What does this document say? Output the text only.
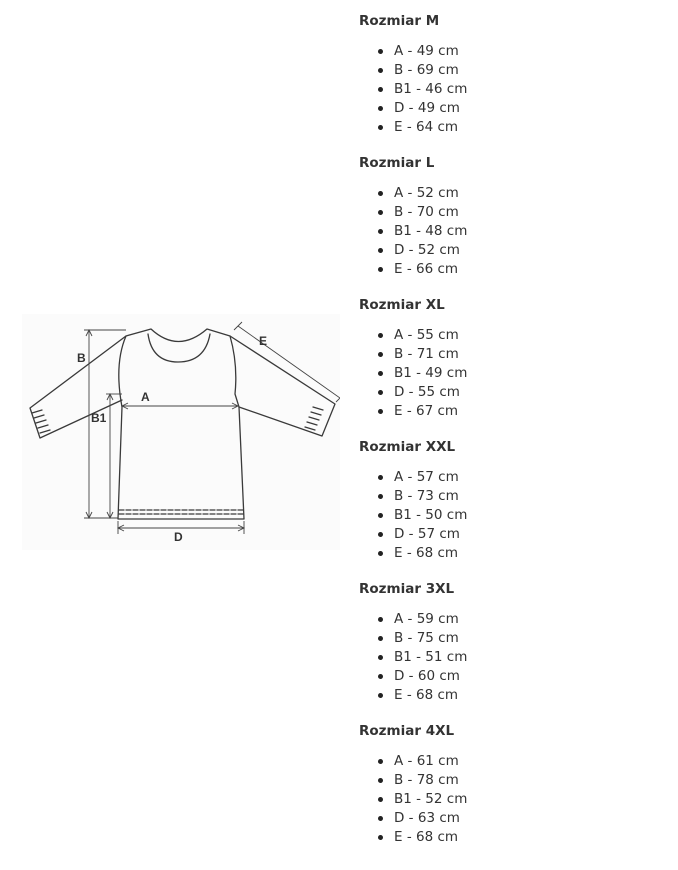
B
B1
A
D
E

Rozmiar M

A - 49 cm
B - 69 cm
B1 - 46 cm
D - 49 cm
E - 64 cm

Rozmiar L

A - 52 cm
B - 70 cm
B1 - 48 cm
D - 52 cm
E - 66 cm

Rozmiar XL

A - 55 cm
B - 71 cm
B1 - 49 cm
D - 55 cm
E - 67 cm

Rozmiar XXL

A - 57 cm
B - 73 cm
B1 - 50 cm
D - 57 cm
E - 68 cm

Rozmiar 3XL

A - 59 cm
B - 75 cm
B1 - 51 cm
D - 60 cm
E - 68 cm

Rozmiar 4XL

A - 61 cm
B - 78 cm
B1 - 52 cm
D - 63 cm
E - 68 cm
